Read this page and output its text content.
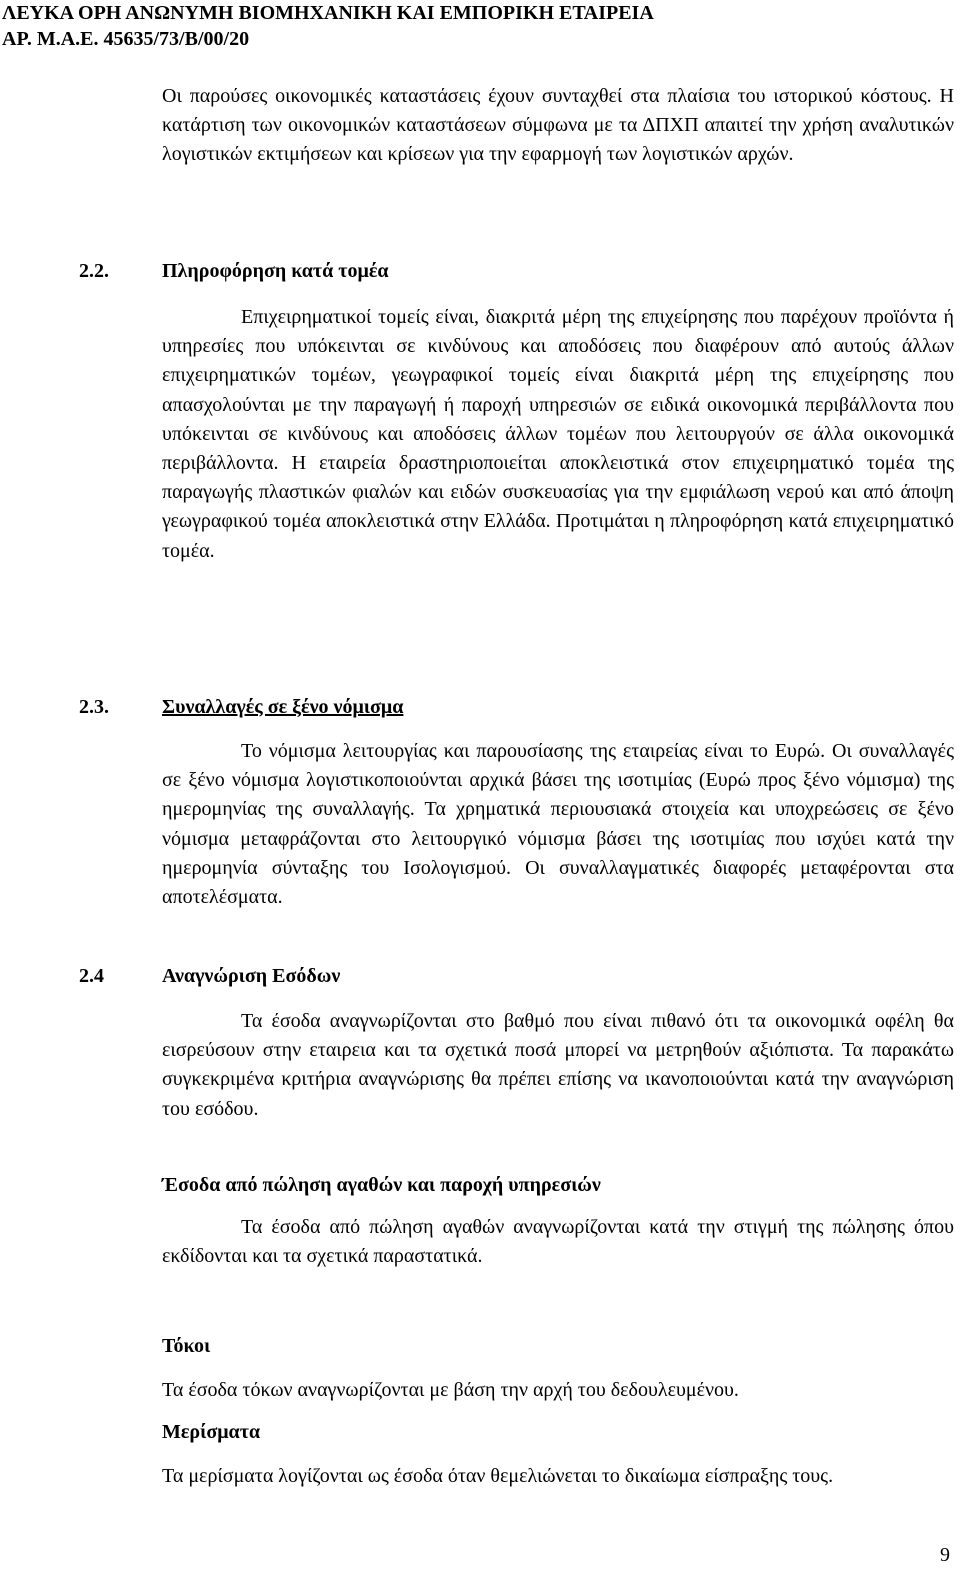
ΛΕΥΚΑ ΟΡΗ ΑΝΩΝΥΜΗ ΒΙΟΜΗΧΑΝΙΚΗ ΚΑΙ ΕΜΠΟΡΙΚΗ ΕΤΑΙΡΕΙΑ
ΑΡ. Μ.Α.Ε. 45635/73/Β/00/20

Οι παρούσες οικονομικές καταστάσεις έχουν συνταχθεί στα πλαίσια του ιστορικού κόστους. Η κατάρτιση των οικονομικών καταστάσεων σύμφωνα με τα ΔΠΧΠ απαιτεί την χρήση αναλυτικών λογιστικών εκτιμήσεων και κρίσεων για την εφαρμογή των λογιστικών αρχών.

2.2.	Πληροφόρηση κατά τομέα

Επιχειρηματικοί τομείς είναι, διακριτά μέρη της επιχείρησης που παρέχουν προϊόντα ή υπηρεσίες που υπόκεινται σε κινδύνους και αποδόσεις που διαφέρουν από αυτούς άλλων επιχειρηματικών τομέων, γεωγραφικοί τομείς είναι διακριτά μέρη της επιχείρησης που απασχολούνται με την παραγωγή ή παροχή υπηρεσιών σε ειδικά οικονομικά περιβάλλοντα που υπόκεινται σε κινδύνους και αποδόσεις άλλων τομέων που λειτουργούν σε άλλα οικονομικά περιβάλλοντα. Η εταιρεία δραστηριοποιείται αποκλειστικά στον επιχειρηματικό τομέα της παραγωγής πλαστικών φιαλών και ειδών συσκευασίας για την εμφιάλωση νερού και από άποψη γεωγραφικού τομέα αποκλειστικά στην Ελλάδα. Προτιμάται η πληροφόρηση κατά επιχειρηματικό τομέα.

2.3.	Συναλλαγές σε ξένο νόμισμα

Το νόμισμα λειτουργίας και παρουσίασης της εταιρείας είναι το Ευρώ. Οι συναλλαγές σε ξένο νόμισμα λογιστικοποιούνται αρχικά βάσει της ισοτιμίας (Ευρώ προς ξένο νόμισμα) της ημερομηνίας της συναλλαγής. Τα χρηματικά περιουσιακά στοιχεία και υποχρεώσεις σε ξένο νόμισμα μεταφράζονται στο λειτουργικό νόμισμα βάσει της ισοτιμίας που ισχύει κατά την ημερομηνία σύνταξης του Ισολογισμού. Οι συναλλαγματικές διαφορές μεταφέρονται στα αποτελέσματα.

2.4	Αναγνώριση Εσόδων

Τα έσοδα αναγνωρίζονται στο βαθμό που είναι πιθανό ότι τα οικονομικά οφέλη θα εισρεύσουν στην εταιρεια και τα σχετικά ποσά μπορεί να μετρηθούν αξιόπιστα. Τα παρακάτω συγκεκριμένα κριτήρια αναγνώρισης θα πρέπει επίσης να ικανοποιούνται κατά την αναγνώριση του εσόδου.

Έσοδα από πώληση αγαθών και παροχή υπηρεσιών

Τα έσοδα από πώληση αγαθών αναγνωρίζονται κατά την στιγμή της πώλησης όπου εκδίδονται και τα σχετικά παραστατικά.

Τόκοι

Τα έσοδα τόκων αναγνωρίζονται με βάση την αρχή του δεδουλευμένου.

Μερίσματα

Τα μερίσματα λογίζονται ως έσοδα όταν θεμελιώνεται το δικαίωμα είσπραξης τους.

9
